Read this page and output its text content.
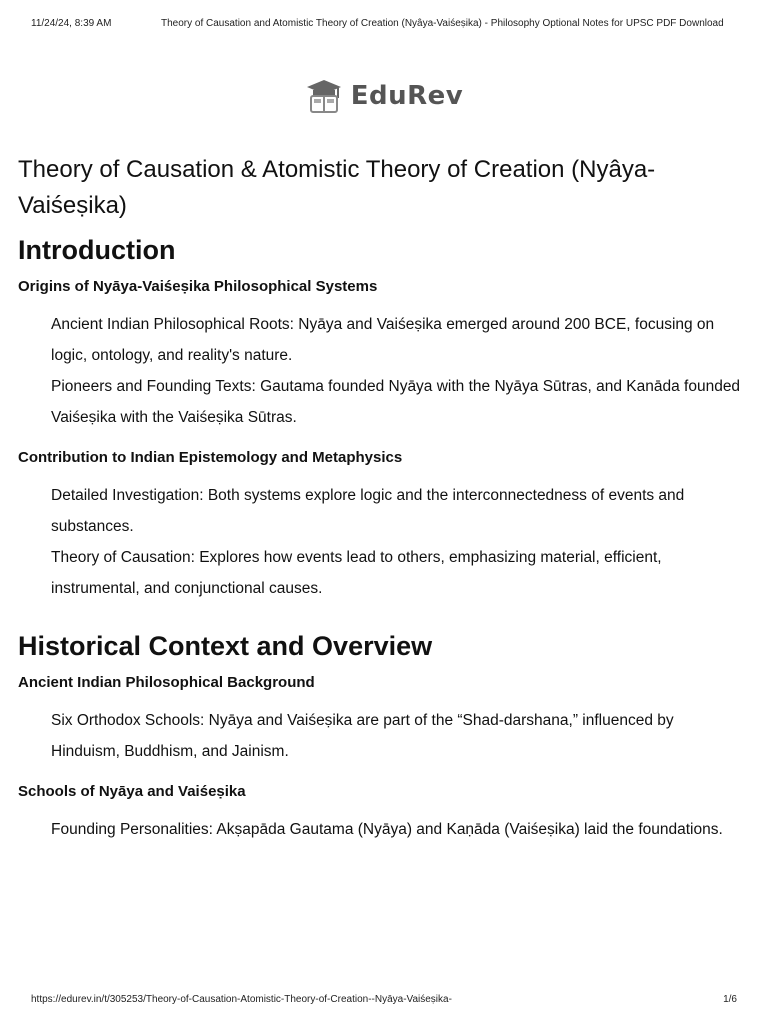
11/24/24, 8:39 AM	Theory of Causation and Atomistic Theory of Creation (Nyâya-Vaiśeṣika) - Philosophy Optional Notes for UPSC PDF Download
EduRev
Theory of Causation & Atomistic Theory of Creation (Nyâya-Vaiśeṣika)
Introduction
Origins of Nyāya-Vaiśeṣika Philosophical Systems

Ancient Indian Philosophical Roots: Nyāya and Vaiśeṣika emerged around 200 BCE, focusing on logic, ontology, and reality's nature.

Pioneers and Founding Texts: Gautama founded Nyāya with the Nyāya Sūtras, and Kanāda founded Vaiśeṣika with the Vaiśeṣika Sūtras.

Contribution to Indian Epistemology and Metaphysics

Detailed Investigation: Both systems explore logic and the interconnectedness of events and substances.

Theory of Causation: Explores how events lead to others, emphasizing material, efficient, instrumental, and conjunctional causes.

Historical Context and Overview
Ancient Indian Philosophical Background

Six Orthodox Schools: Nyāya and Vaiśeṣika are part of the “Shad-darshana,” influenced by Hinduism, Buddhism, and Jainism.

Schools of Nyāya and Vaiśeṣika

Founding Personalities: Akṣapāda Gautama (Nyāya) and Kaṇāda (Vaiśeṣika) laid the foundations.

https://edurev.in/t/305253/Theory-of-Causation-Atomistic-Theory-of-Creation--Nyāya-Vaiśeṣika-	1/6
